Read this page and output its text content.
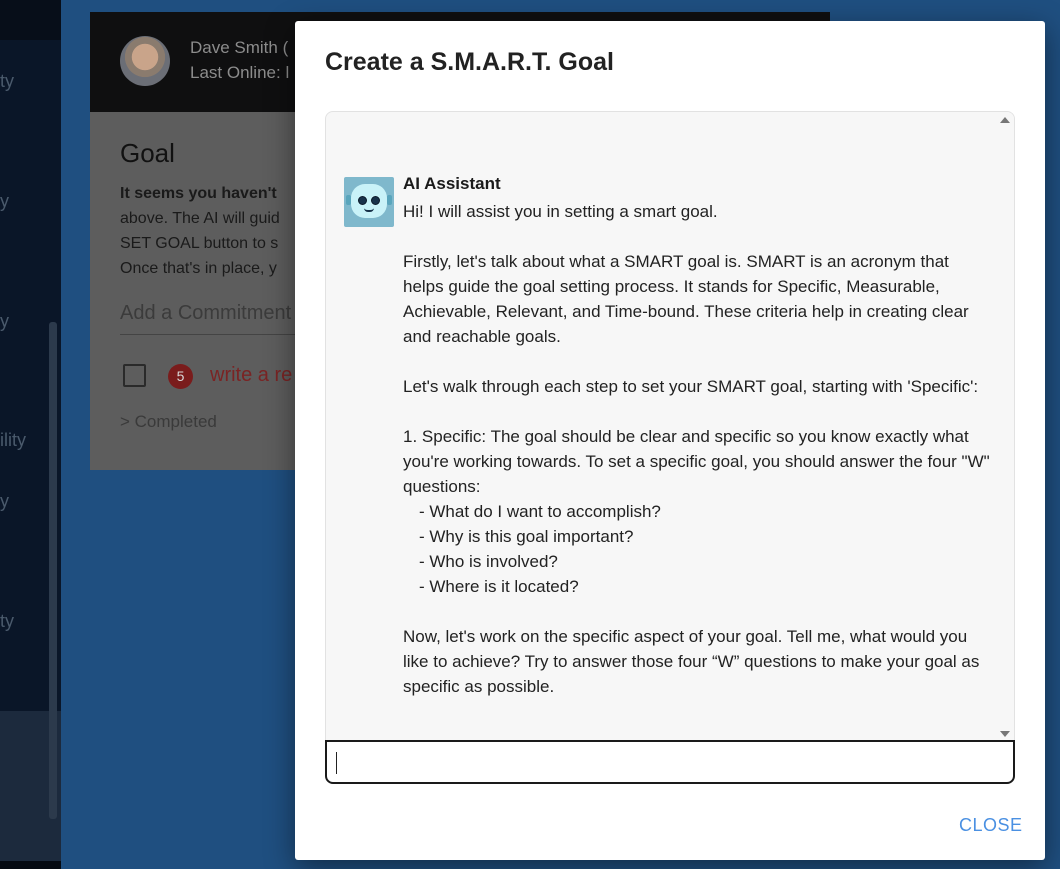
ty
y
y
ility
y
ty
Dave Smith (
Last Online: l
Goal
It seems you haven't
above. The AI will guid
SET GOAL button to s
Once that's in place, y
Add a Commitment
5	write a re
> Completed
Create a S.M.A.R.T. Goal
AI Assistant

Hi! I will assist you in setting a smart goal.

Firstly, let's talk about what a SMART goal is. SMART is an acronym that helps guide the goal setting process. It stands for Specific, Measurable, Achievable, Relevant, and Time-bound. These criteria help in creating clear and reachable goals.

Let's walk through each step to set your SMART goal, starting with 'Specific':

1. Specific: The goal should be clear and specific so you know exactly what you're working towards. To set a specific goal, you should answer the four "W" questions:

- What do I want to accomplish?

- Why is this goal important?

- Who is involved?

- Where is it located?

Now, let's work on the specific aspect of your goal. Tell me, what would you like to achieve? Try to answer those four “W” questions to make your goal as specific as possible.

CLOSE
